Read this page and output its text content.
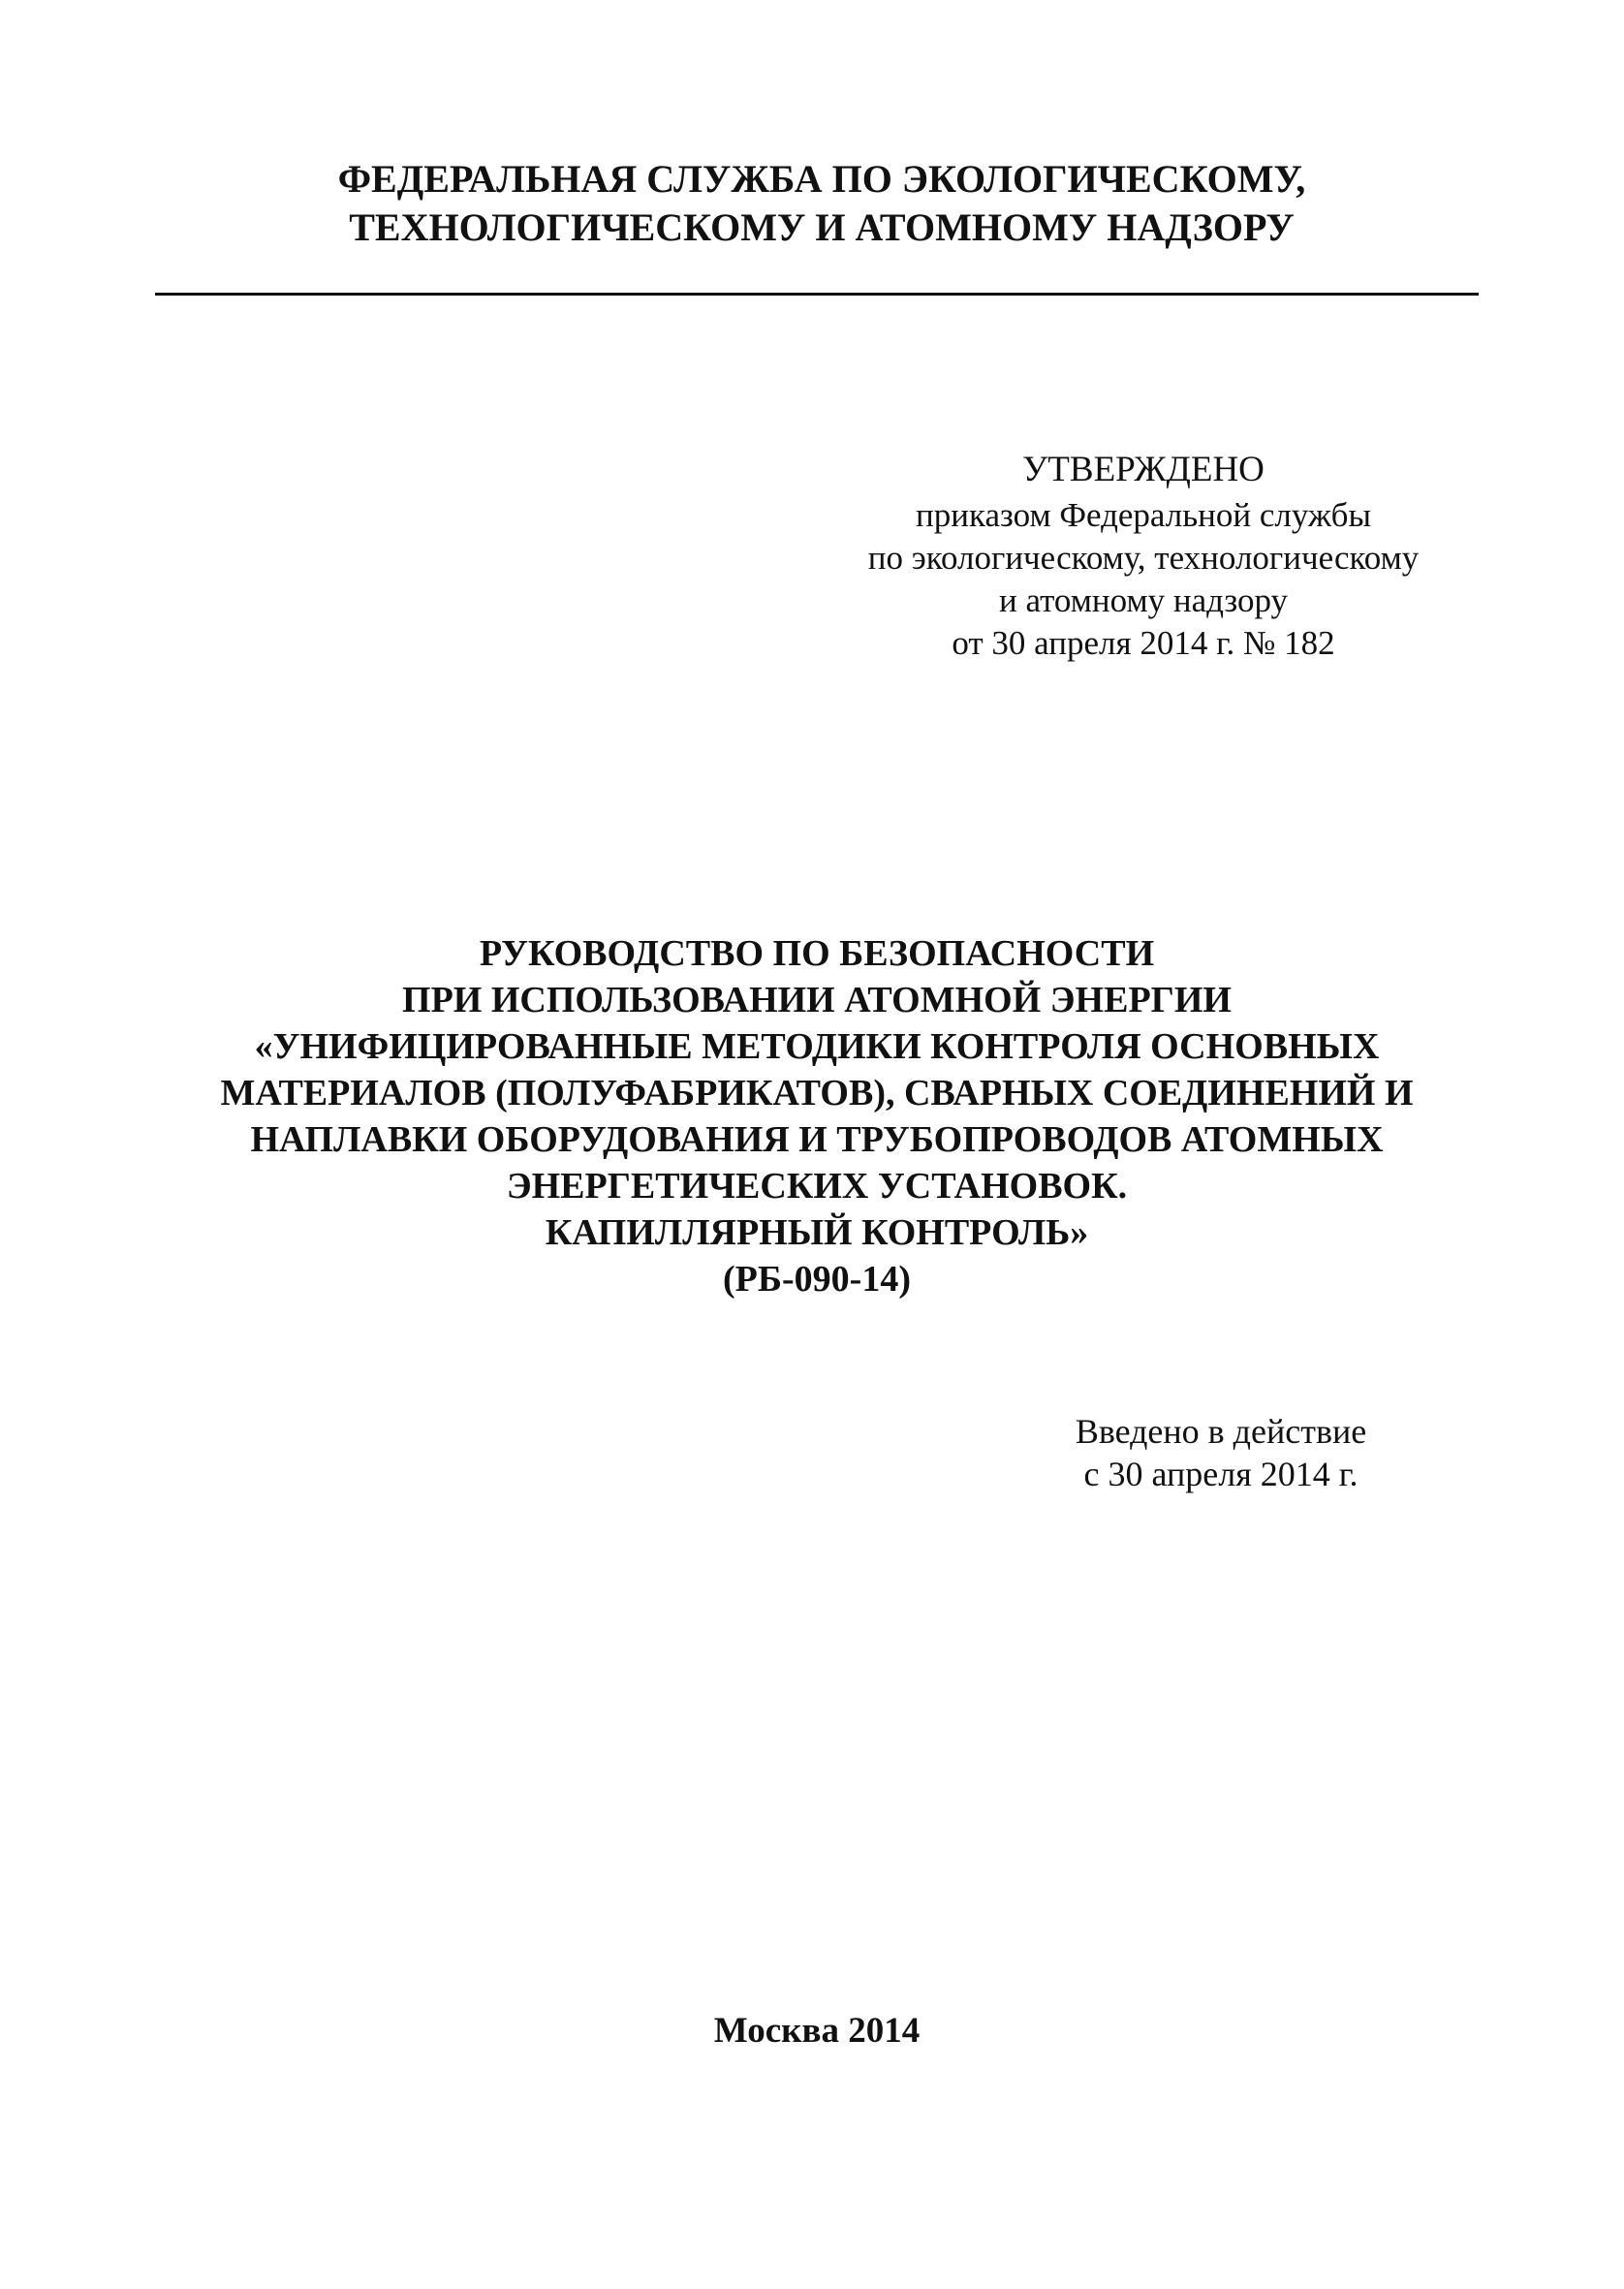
ФЕДЕРАЛЬНАЯ СЛУЖБА ПО ЭКОЛОГИЧЕСКОМУ,
ТЕХНОЛОГИЧЕСКОМУ И АТОМНОМУ НАДЗОРУ
УТВЕРЖДЕНО
приказом Федеральной службы
по экологическому, технологическому
и атомному надзору
от 30 апреля 2014 г. № 182
РУКОВОДСТВО ПО БЕЗОПАСНОСТИ
ПРИ ИСПОЛЬЗОВАНИИ АТОМНОЙ ЭНЕРГИИ
«УНИФИЦИРОВАННЫЕ МЕТОДИКИ КОНТРОЛЯ ОСНОВНЫХ
МАТЕРИАЛОВ (ПОЛУФАБРИКАТОВ), СВАРНЫХ СОЕДИНЕНИЙ И
НАПЛАВКИ ОБОРУДОВАНИЯ И ТРУБОПРОВОДОВ АТОМНЫХ
ЭНЕРГЕТИЧЕСКИХ УСТАНОВОК.
КАПИЛЛЯРНЫЙ КОНТРОЛЬ»
(РБ-090-14)
Введено в действие
с 30 апреля 2014 г.
Москва 2014
